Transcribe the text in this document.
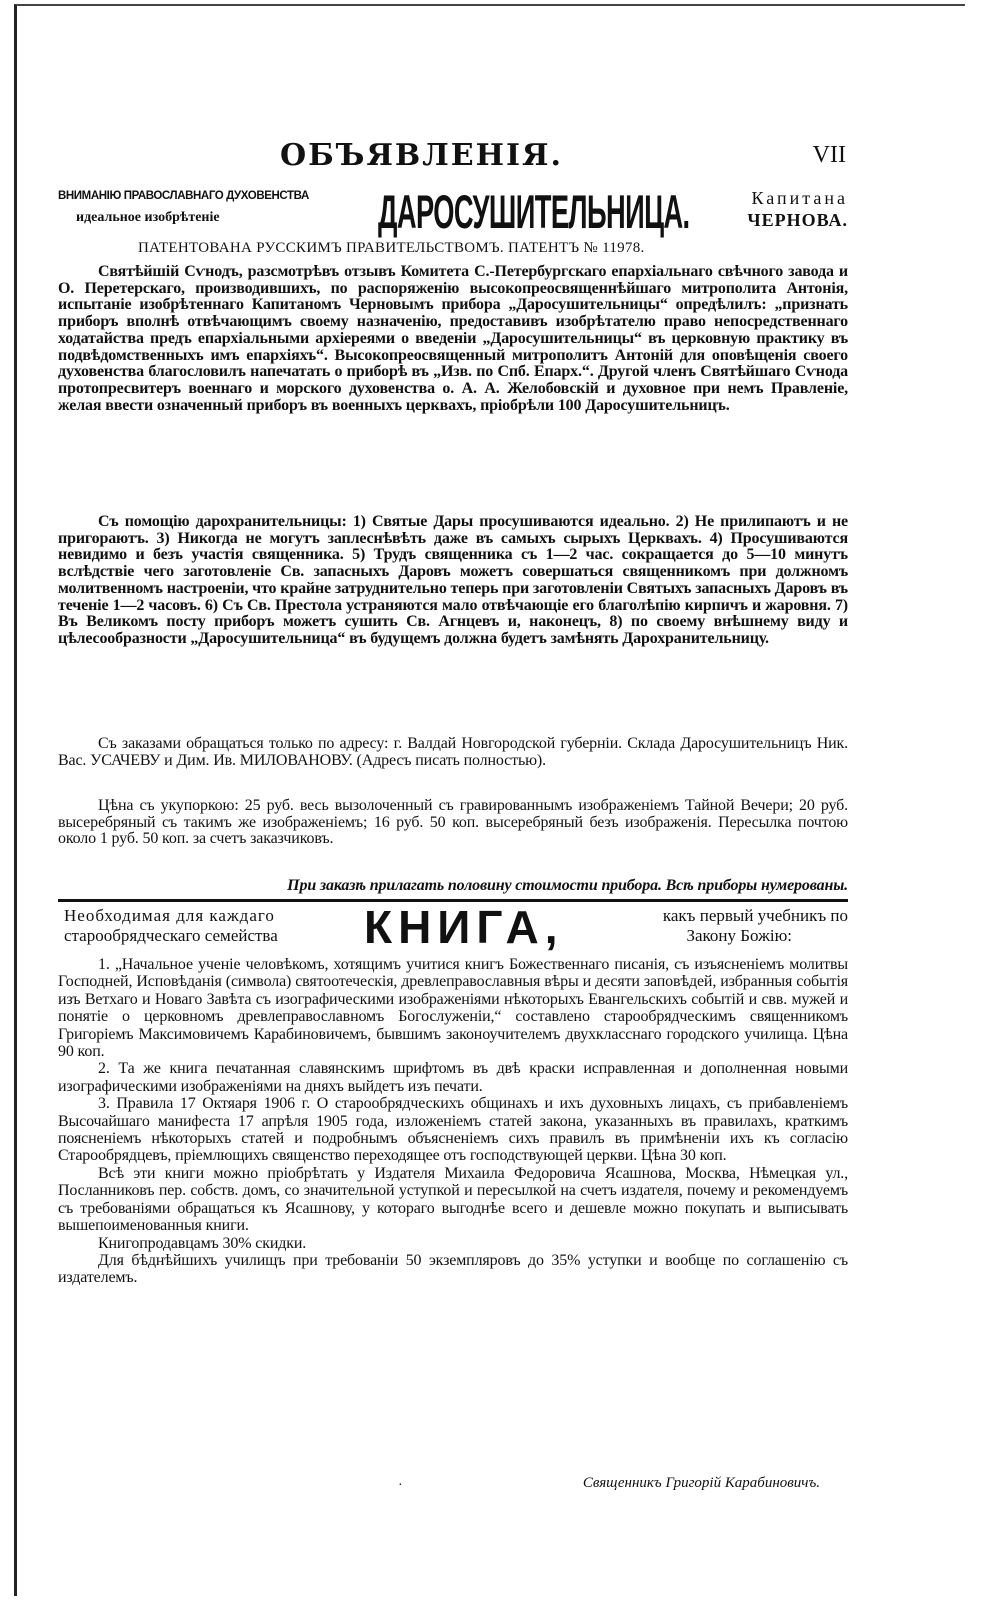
ОБЪЯВЛЕНІЯ.	VII
ВНИМАНІЮ ПРАВОСЛАВНАГО ДУХОВЕНСТВА
идеальное изобрѣтеніе	ДАРОСУШИТЕЛЬНИЦА.	Капитана
ЧЕРНОВА.
ПАТЕНТОВАНА РУССКИМЪ ПРАВИТЕЛЬСТВОМЪ. ПАТЕНТЪ № 11978.

Святѣйшій Сѵнодъ, разсмотрѣвъ отзывъ Комитета С.-Петербургскаго епархіальнаго свѣчного завода и О. Перетерскаго, производившихъ, по распоряженію высокопреосвященнѣйшаго митрополита Антонія, испытаніе изобрѣтеннаго Капитаномъ Черновымъ прибора „Даросушительницы“ опредѣлилъ: „признать приборъ вполнѣ отвѣчающимъ своему назначенію, предоставивъ изобрѣтателю право непосредственнаго ходатайства предъ епархіальными архіереями о введеніи „Даросушительницы“ въ церковную практику въ подвѣдомственныхъ имъ епархіяхъ“. Высокопреосвященный митрополитъ Антоній для оповѣщенія своего духовенства благословилъ напечатать о приборѣ въ „Изв. по Спб. Епарх.“. Другой членъ Святѣйшаго Сѵнода протопресвитеръ военнаго и морского духовенства о. А. А. Желобовскій и духовное при немъ Правленіе, желая ввести означенный приборъ въ военныхъ церквахъ, пріобрѣли 100 Даросушительницъ.

Съ помощію дарохранительницы: 1) Святые Дары просушиваются идеально. 2) Не прилипаютъ и не пригораютъ. 3) Никогда не могутъ заплеснѣвѣть даже въ самыхъ сырыхъ Церквахъ. 4) Просушиваются невидимо и безъ участія священника. 5) Трудъ священника съ 1—2 час. сокращается до 5—10 минутъ вслѣдствіе чего заготовленіе Св. запасныхъ Даровъ можетъ совершаться священникомъ при должномъ молитвенномъ настроеніи, что крайне затруднительно теперь при заготовленіи Святыхъ запасныхъ Даровъ въ теченіе 1—2 часовъ. 6) Съ Св. Престола устраняются мало отвѣчающіе его благолѣпію кирпичъ и жаровня. 7) Въ Великомъ посту приборъ можетъ сушить Св. Агнцевъ и, наконецъ, 8) по своему внѣшнему виду и цѣлесообразности „Даросушительница“ въ будущемъ должна будетъ замѣнять Дарохранительницу.

Съ заказами обращаться только по адресу: г. Валдай Новгородской губерніи. Склада Даросушительницъ Ник. Вас. УСАЧЕВУ и Дим. Ив. МИЛОВАНОВУ. (Адресъ писать полностью).

Цѣна съ укупоркою: 25 руб. весь вызолоченный съ гравированнымъ изображеніемъ Тайной Вечери; 20 руб. высеребряный съ такимъ же изображеніемъ; 16 руб. 50 коп. высеребряный безъ изображенія. Пересылка почтою около 1 руб. 50 коп. за счетъ заказчиковъ.

При заказѣ прилагать половину стоимости прибора. Всѣ приборы нумерованы.

Необходимая для каждаго
старообрядческаго семейства КНИГА,	какъ первый учебникъ по
Закону Божію:

1. „Начальное ученіе человѣкомъ, хотящимъ учитися книгъ Божественнаго писанія, съ изъясненіемъ молитвы Господней, Исповѣданія (символа) святоотеческія, древлеправославныя вѣры и десяти заповѣдей, избранныя событія изъ Ветхаго и Новаго Завѣта съ изографическими изображеніями нѣкоторыхъ Евангельскихъ событій и свв. мужей и понятіе о церковномъ древлеправославномъ Богослуженіи,“ составлено старообрядческимъ священникомъ Григоріемъ Максимовичемъ Карабиновичемъ, бывшимъ законоучителемъ двухкласснаго городского училища. Цѣна 90 коп.

2. Та же книга печатанная славянскимъ шрифтомъ въ двѣ краски исправленная и дополненная новыми изографическими изображеніями на дняхъ выйдетъ изъ печати.

3. Правила 17 Октяаря 1906 г. О старообрядческихъ общинахъ и ихъ духовныхъ лицахъ, съ прибавленіемъ Высочайшаго манифеста 17 апрѣля 1905 года, изложеніемъ статей закона, указанныхъ въ правилахъ, краткимъ поясненіемъ нѣкоторыхъ статей и подробнымъ объясненіемъ сихъ правилъ въ примѣненіи ихъ къ согласію Старообрядцевъ, пріемлющихъ священство переходящее отъ господствующей церкви. Цѣна 30 коп.

Всѣ эти книги можно пріобрѣтать у Издателя Михаила Федоровича Ясашнова, Москва, Нѣмецкая ул., Посланниковъ пер. собств. домъ, со значительной уступкой и пересылкой на счетъ издателя, почему и рекомендуемъ съ требованіями обращаться къ Ясашнову, у котораго выгоднѣе всего и дешевле можно покупать и выписывать вышепоименованныя книги.

Книгопродавцамъ 30% скидки.

Для бѣднѣйшихъ училищъ при требованіи 50 экземпляровъ до 35% уступки и вообще по соглашенію съ издателемъ.

·	Священникъ Григорій Карабиновичъ.
